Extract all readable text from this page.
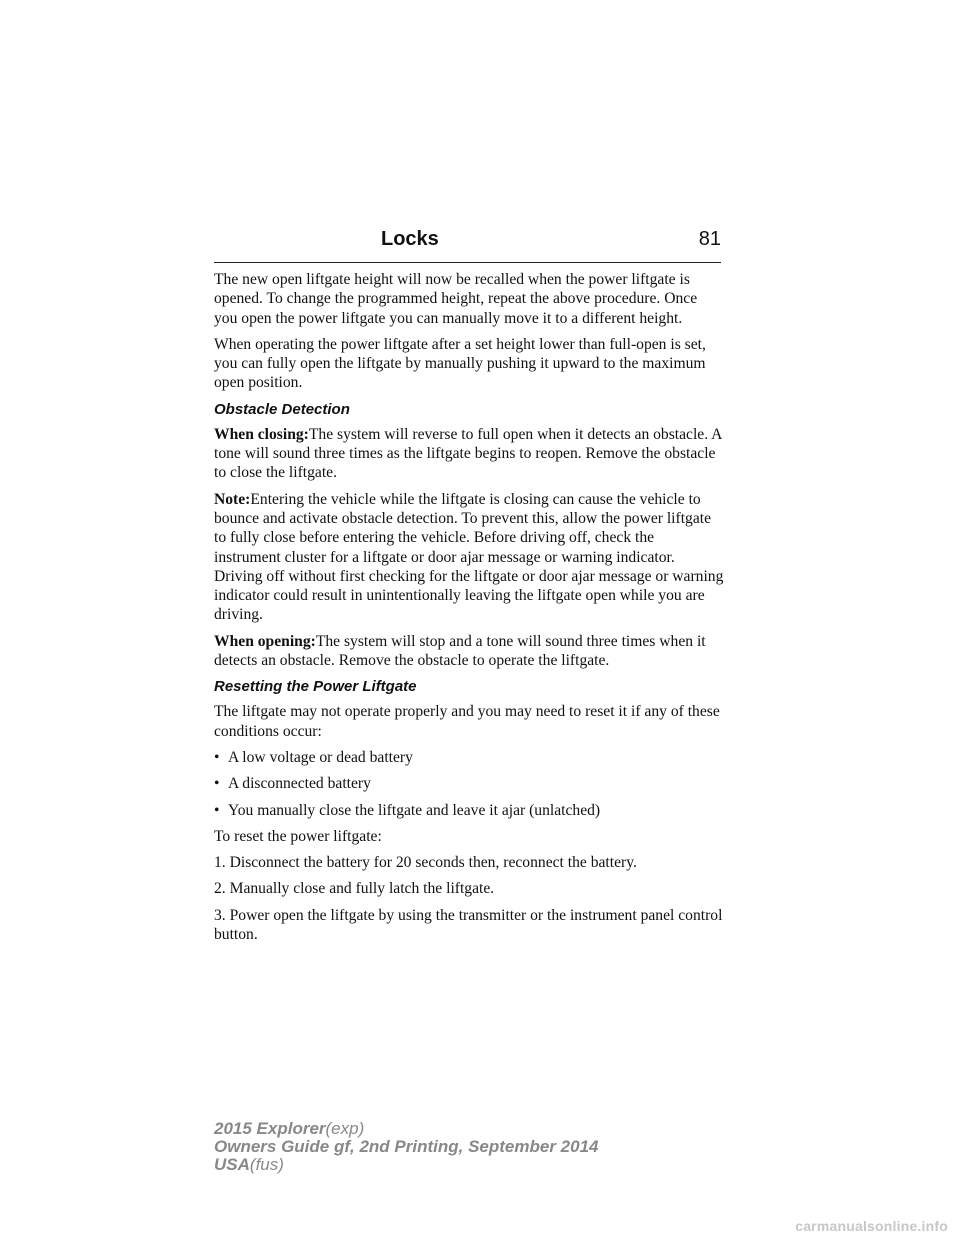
Locks	81

The new open liftgate height will now be recalled when the power liftgate is opened. To change the programmed height, repeat the above procedure. Once you open the power liftgate you can manually move it to a different height.

When operating the power liftgate after a set height lower than full-open is set, you can fully open the liftgate by manually pushing it upward to the maximum open position.

Obstacle Detection

When closing:The system will reverse to full open when it detects an obstacle. A tone will sound three times as the liftgate begins to reopen. Remove the obstacle to close the liftgate.

Note:Entering the vehicle while the liftgate is closing can cause the vehicle to bounce and activate obstacle detection. To prevent this, allow the power liftgate to fully close before entering the vehicle. Before driving off, check the instrument cluster for a liftgate or door ajar message or warning indicator. Driving off without first checking for the liftgate or door ajar message or warning indicator could result in unintentionally leaving the liftgate open while you are driving.

When opening:The system will stop and a tone will sound three times when it detects an obstacle. Remove the obstacle to operate the liftgate.

Resetting the Power Liftgate

The liftgate may not operate properly and you may need to reset it if any of these conditions occur:

• A low voltage or dead battery
• A disconnected battery
• You manually close the liftgate and leave it ajar (unlatched)

To reset the power liftgate:

1. Disconnect the battery for 20 seconds then, reconnect the battery.

2. Manually close and fully latch the liftgate.

3. Power open the liftgate by using the transmitter or the instrument panel control button.

2015 Explorer(exp)
Owners Guide gf, 2nd Printing, September 2014
USA(fus)
carmanualsonline.info
